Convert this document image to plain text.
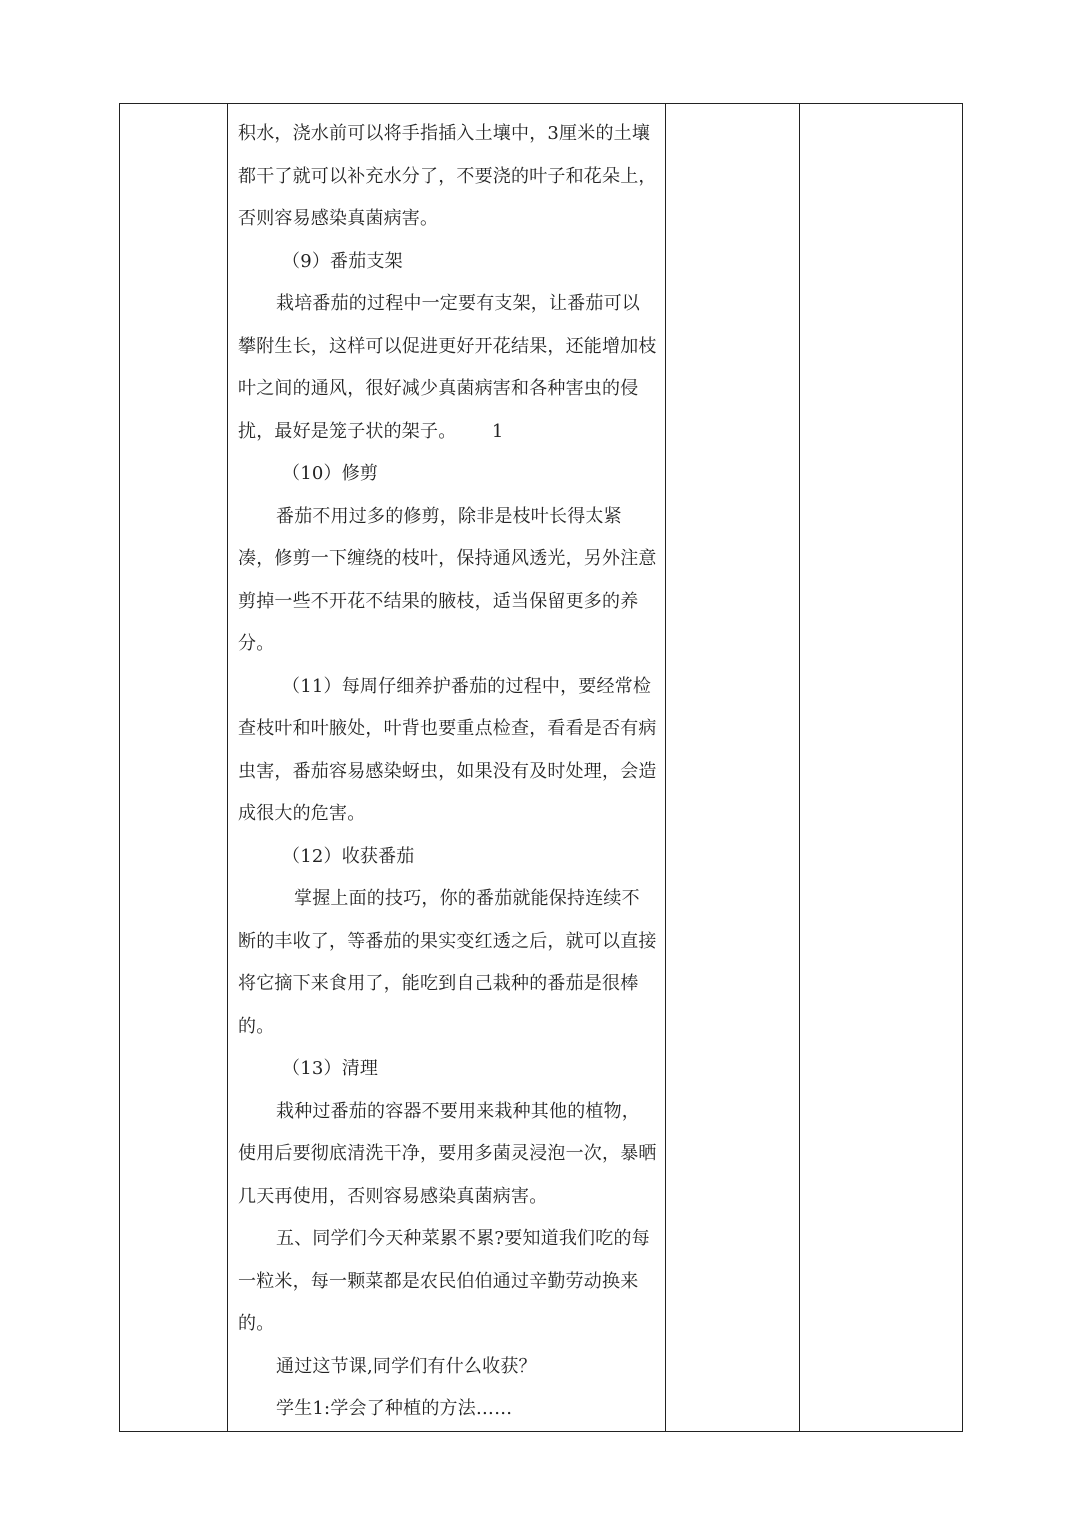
积水，浇水前可以将手指插入土壤中，3厘米的土壤都干了就可以补充水分了，不要浇的叶子和花朵上，否则容易感染真菌病害。

（9）番茄支架

栽培番茄的过程中一定要有支架，让番茄可以攀附生长，这样可以促进更好开花结果，还能增加枝叶之间的通风，很好减少真菌病害和各种害虫的侵扰，最好是笼子状的架子。      1

（10）修剪

番茄不用过多的修剪，除非是枝叶长得太紧凑，修剪一下缠绕的枝叶，保持通风透光，另外注意剪掉一些不开花不结果的腋枝，适当保留更多的养分。

（11）每周仔细养护番茄的过程中，要经常检查枝叶和叶腋处，叶背也要重点检查，看看是否有病虫害，番茄容易感染蚜虫，如果没有及时处理，会造成很大的危害。

（12）收获番茄

掌握上面的技巧，你的番茄就能保持连续不断的丰收了，等番茄的果实变红透之后，就可以直接将它摘下来食用了，能吃到自己栽种的番茄是很棒的。

（13）清理

栽种过番茄的容器不要用来栽种其他的植物，使用后要彻底清洗干净，要用多菌灵浸泡一次，暴晒几天再使用，否则容易感染真菌病害。

五、同学们今天种菜累不累?要知道我们吃的每一粒米，每一颗菜都是农民伯伯通过辛勤劳动换来的。

通过这节课,同学们有什么收获？

学生1:学会了种植的方法……
